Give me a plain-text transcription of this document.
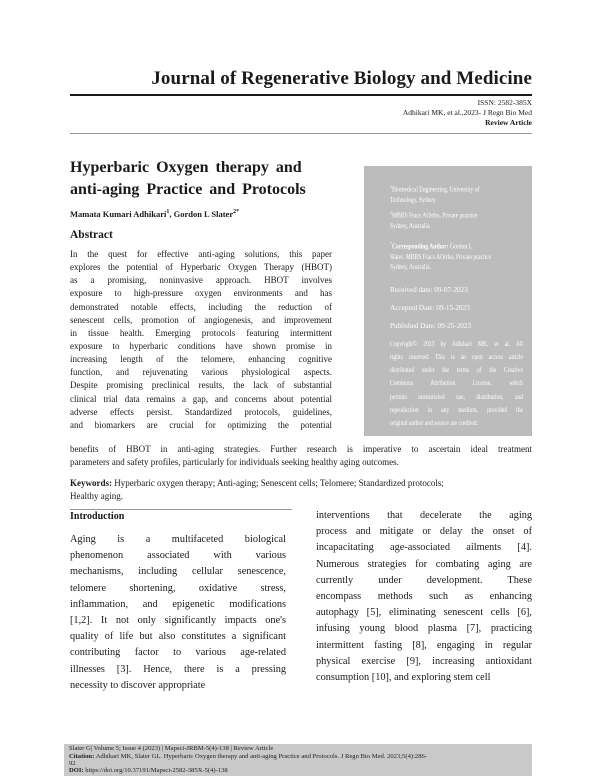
Journal of Regenerative Biology and Medicine
ISSN: 2582-385X
Adhikari MK, et al.,2023- J Regn Bio Med
Review Article
Hyperbaric Oxygen therapy and
anti-aging Practice and Protocols
Mamata Kumari Adhikari$^1$, Gordon L Slater$^{2*}$
Abstract
In the quest for effective anti-aging solutions, this paper
explores the potential of Hyperbaric Oxygen Therapy (HBOT)
as a promising, noninvasive approach. HBOT involves
exposure to high-pressure oxygen environments and has
demonstrated notable effects, including the reduction of
senescent cells, promotion of angiogenesis, and improvement
in tissue health. Emerging protocols featuring intermittent
exposure to hyperbaric conditions have shown promise in
increasing length of the telomere, enhancing cognitive
function, and rejuvenating various physiological aspects.
Despite promising preclinical results, the lack of substantial
clinical trial data remains a gap, and concerns about potential
adverse effects persist. Standardized protocols, guidelines,
and biomarkers are crucial for optimizing the potential
benefits of HBOT in anti-aging strategies. Further research is imperative to ascertain ideal treatment
parameters and safety profiles, particularly for individuals seeking healthy aging outcomes.
$^1$Biomedical Engineering, University of
Technology, Sydney
$^2$MBBS Fracs AOrtho, Private practice
Sydney, Australia
*Corresponding Author: Gordon L
Slater, MBBS Fracs AOrtho, Private practice
Sydney, Australia.
Received date: 09-07-2023
Accepted Date: 09-15-2023
Published Date: 09-25-2023
Copyright© 2023 by Adhikari MK, et al. All
rights reserved. This is an open access article
distributed under the terms of the Creative
Commons Attribution License, which
permits unrestricted use, distribution, and
reproduction in any medium, provided the
original author and source are credited.
Keywords: Hyperbaric oxygen therapy; Anti-aging; Senescent cells; Telomere; Standardized protocols;
Healthy aging.
Introduction
Aging is a multifaceted biological
phenomenon associated with various
mechanisms, including cellular senescence,
telomere shortening, oxidative stress,
inflammation, and epigenetic modifications
[1,2]. It not only significantly impacts one's
quality of life but also constitutes a significant
contributing factor to various age-related
illnesses [3]. Hence, there is a pressing
necessity to discover appropriate
interventions that decelerate the aging
process and mitigate or delay the onset of
incapacitating age-associated ailments [4].
Numerous strategies for combating aging are
currently under development. These
encompass methods such as enhancing
autophagy [5], eliminating senescent cells [6],
infusing young blood plasma [7], practicing
intermittent fasting [8], engaging in regular
physical exercise [9], increasing antioxidant
consumption [10], and exploring stem cell
Slater G| Volume 5; Issue 4 (2023) | Mapsci-JRBM-5(4)-138 | Review Article
Citation: Adhikari MK, Slater GL. Hyperbaric Oxygen therapy and anti-aging Practice and Protocols. J Regn Bio Med. 2023;5(4):286-
92
DOI: https://doi.org/10.37191/Mapsci-2582-385X-5(4)-138
